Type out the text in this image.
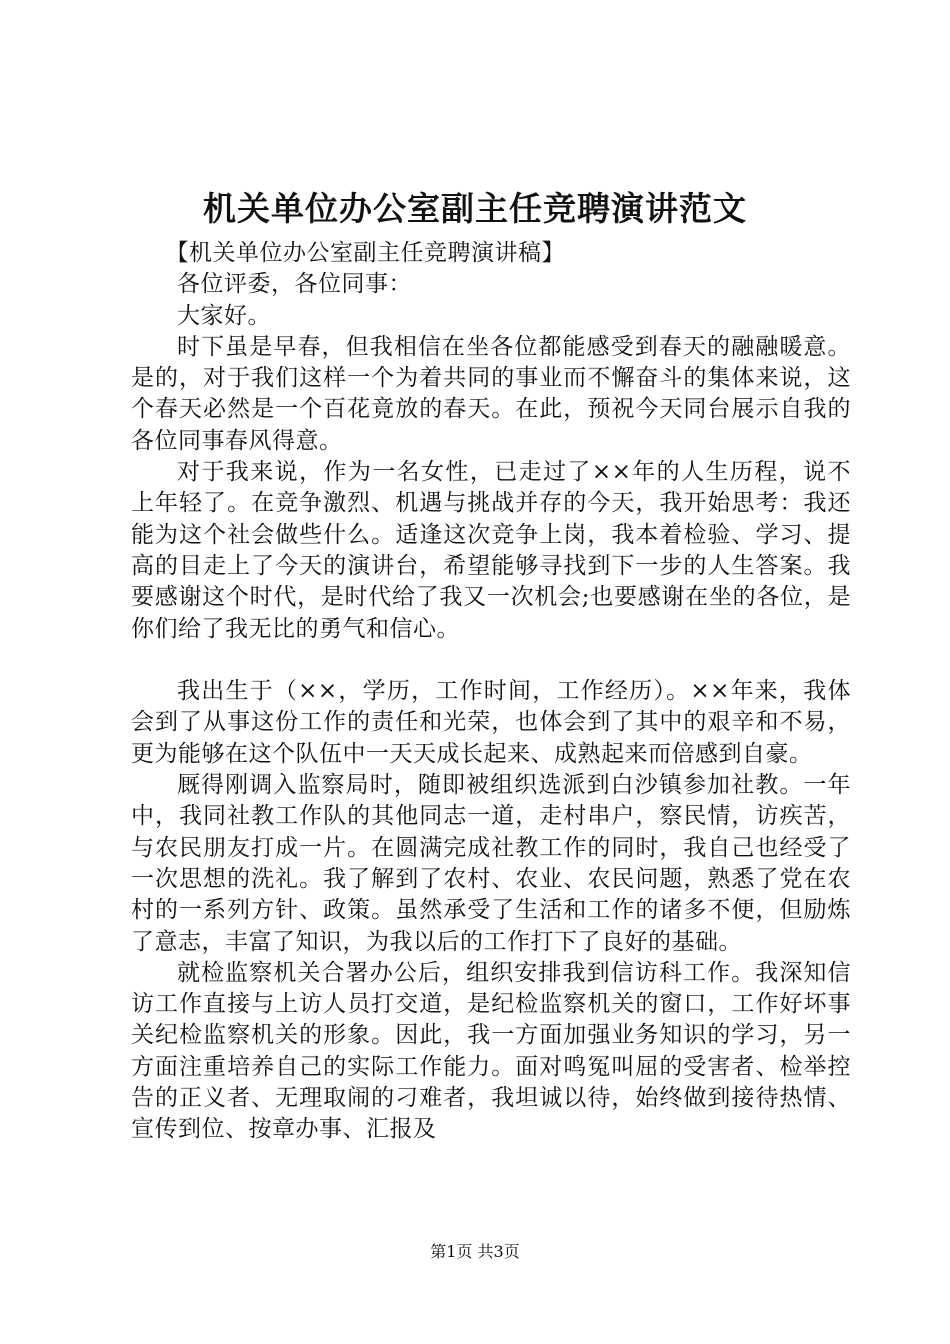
机关单位办公室副主任竞聘演讲范文

【机关单位办公室副主任竞聘演讲稿】

各位评委，各位同事：

大家好。

时下虽是早春，但我相信在坐各位都能感受到春天的融融暖意。是的，对于我们这样一个为着共同的事业而不懈奋斗的集体来说，这个春天必然是一个百花竟放的春天。在此，预祝今天同台展示自我的各位同事春风得意。

对于我来说，作为一名女性，已走过了××年的人生历程，说不上年轻了。在竞争激烈、机遇与挑战并存的今天，我开始思考：我还能为这个社会做些什么。适逢这次竞争上岗，我本着检验、学习、提高的目走上了今天的演讲台，希望能够寻找到下一步的人生答案。我要感谢这个时代，是时代给了我又一次机会;也要感谢在坐的各位，是你们给了我无比的勇气和信心。

我出生于（××，学历，工作时间，工作经历）。××年来，我体会到了从事这份工作的责任和光荣，也体会到了其中的艰辛和不易，更为能够在这个队伍中一天天成长起来、成熟起来而倍感到自豪。

厩得刚调入监察局时，随即被组织选派到白沙镇参加社教。一年中，我同社教工作队的其他同志一道，走村串户，察民情，访疾苦，与农民朋友打成一片。在圆满完成社教工作的同时，我自己也经受了一次思想的洗礼。我了解到了农村、农业、农民问题，熟悉了党在农村的一系列方针、政策。虽然承受了生活和工作的诸多不便，但励炼了意志，丰富了知识，为我以后的工作打下了良好的基础。

就检监察机关合署办公后，组织安排我到信访科工作。我深知信访工作直接与上访人员打交道，是纪检监察机关的窗口，工作好坏事关纪检监察机关的形象。因此，我一方面加强业务知识的学习，另一方面注重培养自己的实际工作能力。面对鸣冤叫屈的受害者、检举控告的正义者、无理取闹的刁难者，我坦诚以待，始终做到接待热情、宣传到位、按章办事、汇报及

第1页 共3页
